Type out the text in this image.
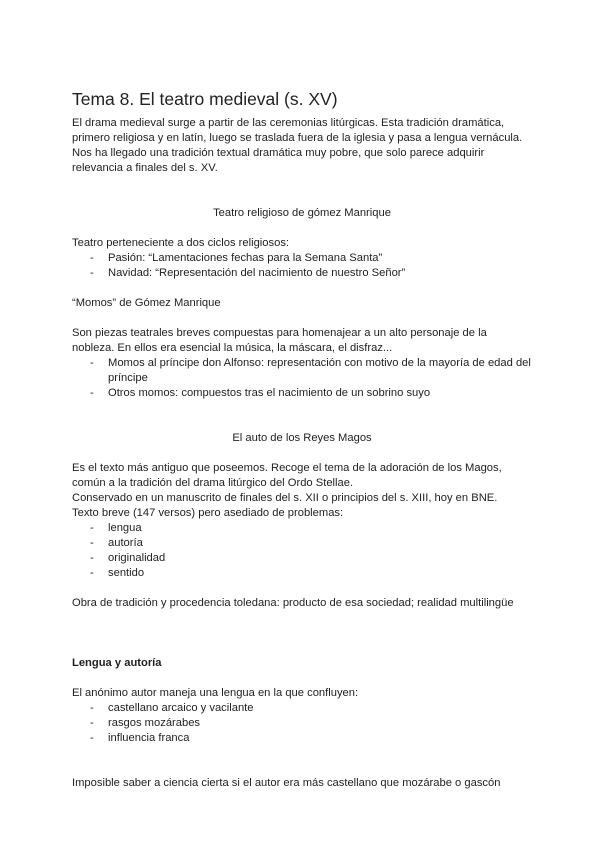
Tema 8. El teatro medieval (s. XV)

El drama medieval surge a partir de las ceremonias litúrgicas. Esta tradición dramática, primero religiosa y en latín, luego se traslada fuera de la iglesia y pasa a lengua vernácula. Nos ha llegado una tradición textual dramática muy pobre, que solo parece adquirir relevancia a finales del s. XV.

Teatro religioso de gómez Manrique

Teatro perteneciente a dos ciclos religiosos:

- Pasión: “Lamentaciones fechas para la Semana Santa”
- Navidad: “Representación del nacimiento de nuestro Señor”

“Momos” de Gómez Manrique

Son piezas teatrales breves compuestas para homenajear a un alto personaje de la nobleza. En ellos era esencial la música, la máscara, el disfraz...

- Momos al príncipe don Alfonso: representación con motivo de la mayoría de edad del príncipe
- Otros momos: compuestos tras el nacimiento de un sobrino suyo

El auto de los Reyes Magos

Es el texto más antiguo que poseemos. Recoge el tema de la adoración de los Magos, común a la tradición del drama litúrgico del Ordo Stellae.

Conservado en un manuscrito de finales del s. XII o principios del s. XIII, hoy en BNE.

Texto breve (147 versos) pero asediado de problemas:

- lengua
- autoría
- originalidad
- sentido

Obra de tradición y procedencia toledana: producto de esa sociedad; realidad multilingüe

Lengua y autoría

El anónimo autor maneja una lengua en la que confluyen:

- castellano arcaico y vacilante
- rasgos mozárabes
- influencia franca

Imposible saber a ciencia cierta si el autor era más castellano que mozárabe o gascón
